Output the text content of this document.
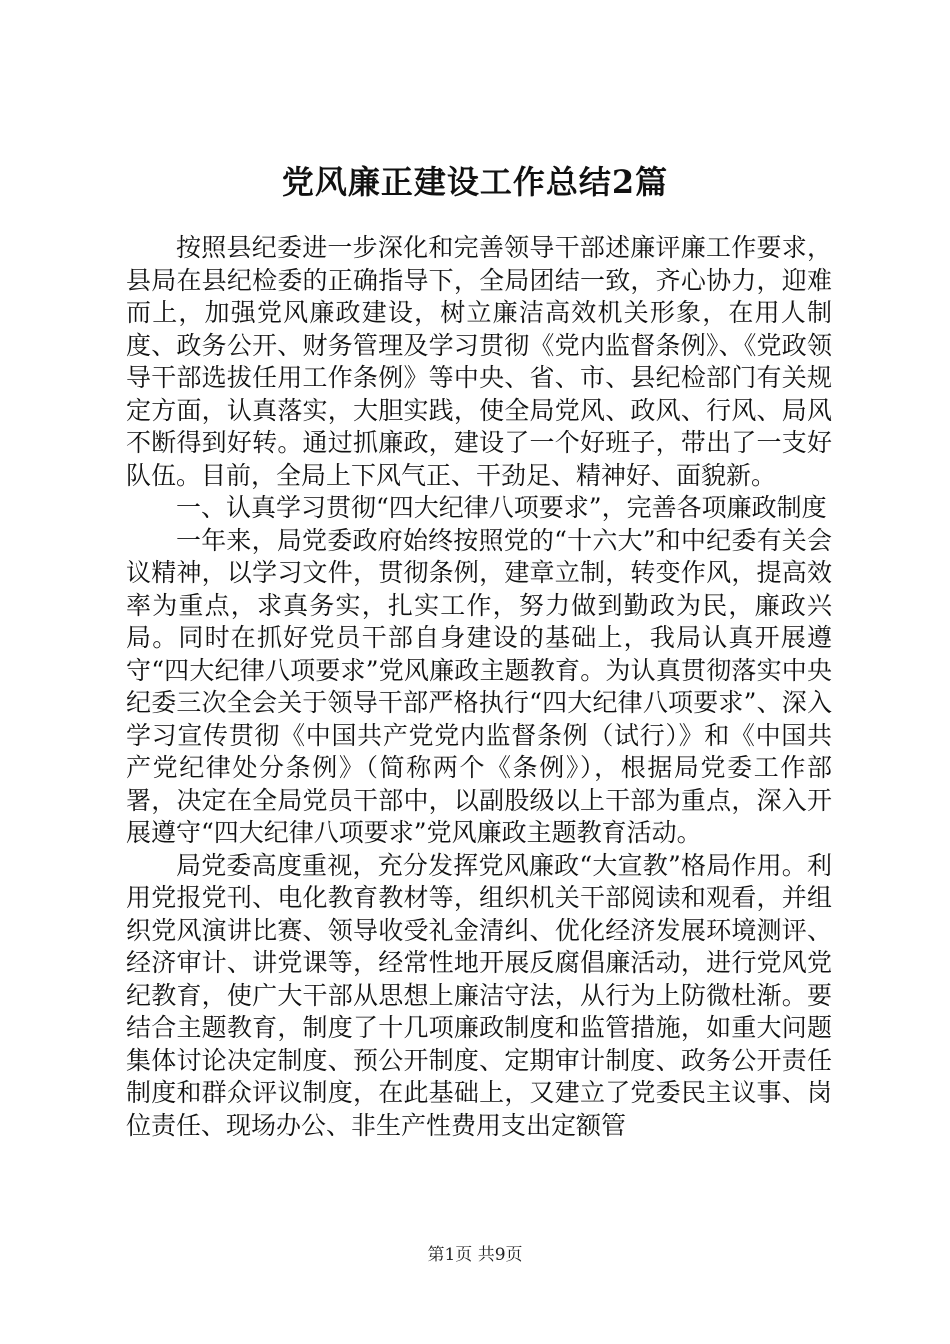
党风廉正建设工作总结2篇

按照县纪委进一步深化和完善领导干部述廉评廉工作要求，县局在县纪检委的正确指导下，全局团结一致，齐心协力，迎难而上，加强党风廉政建设，树立廉洁高效机关形象，在用人制度、政务公开、财务管理及学习贯彻《党内监督条例》、《党政领导干部选拔任用工作条例》等中央、省、市、县纪检部门有关规定方面，认真落实，大胆实践，使全局党风、政风、行风、局风不断得到好转。通过抓廉政，建设了一个好班子，带出了一支好队伍。目前，全局上下风气正、干劲足、精神好、面貌新。

一、认真学习贯彻“四大纪律八项要求”，完善各项廉政制度

一年来，局党委政府始终按照党的“十六大”和中纪委有关会议精神，以学习文件，贯彻条例，建章立制，转变作风，提高效率为重点，求真务实，扎实工作，努力做到勤政为民，廉政兴局。同时在抓好党员干部自身建设的基础上，我局认真开展遵守“四大纪律八项要求”党风廉政主题教育。为认真贯彻落实中央纪委三次全会关于领导干部严格执行“四大纪律八项要求”、深入学习宣传贯彻《中国共产党党内监督条例（试行）》和《中国共产党纪律处分条例》（简称两个《条例》），根据局党委工作部署，决定在全局党员干部中，以副股级以上干部为重点，深入开展遵守“四大纪律八项要求”党风廉政主题教育活动。

局党委高度重视，充分发挥党风廉政“大宣教”格局作用。利用党报党刊、电化教育教材等，组织机关干部阅读和观看，并组织党风演讲比赛、领导收受礼金清纠、优化经济发展环境测评、经济审计、讲党课等，经常性地开展反腐倡廉活动，进行党风党纪教育，使广大干部从思想上廉洁守法，从行为上防微杜渐。要结合主题教育，制度了十几项廉政制度和监管措施，如重大问题集体讨论决定制度、预公开制度、定期审计制度、政务公开责任制度和群众评议制度，在此基础上，又建立了党委民主议事、岗位责任、现场办公、非生产性费用支出定额管

第1页 共9页
